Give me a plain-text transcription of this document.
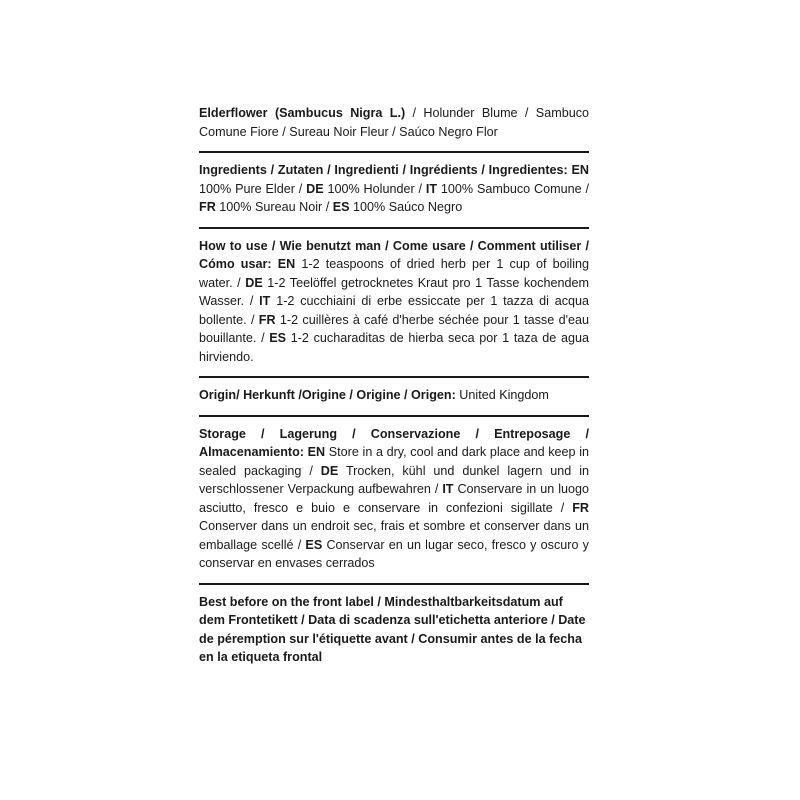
Elderflower (Sambucus Nigra L.) / Holunder Blume / Sambuco Comune Fiore / Sureau Noir Fleur / Saúco Negro Flor
Ingredients / Zutaten / Ingredienti / Ingrédients / Ingredientes: EN 100% Pure Elder / DE 100% Holunder / IT 100% Sambuco Comune / FR 100% Sureau Noir / ES 100% Saúco Negro
How to use / Wie benutzt man / Come usare / Comment utiliser / Cómo usar: EN 1-2 teaspoons of dried herb per 1 cup of boiling water. / DE 1-2 Teelöffel getrocknetes Kraut pro 1 Tasse kochendem Wasser. / IT 1-2 cucchiaini di erbe essiccate per 1 tazza di acqua bollente. / FR 1-2 cuillères à café d'herbe séchée pour 1 tasse d'eau bouillante. / ES 1-2 cucharaditas de hierba seca por 1 taza de agua hirviendo.
Origin/ Herkunft /Origine / Origine / Origen: United Kingdom
Storage / Lagerung / Conservazione / Entreposage / Almacenamiento: EN Store in a dry, cool and dark place and keep in sealed packaging / DE Trocken, kühl und dunkel lagern und in verschlossener Verpackung aufbewahren / IT Conservare in un luogo asciutto, fresco e buio e conservare in confezioni sigillate / FR Conserver dans un endroit sec, frais et sombre et conserver dans un emballage scellé / ES Conservar en un lugar seco, fresco y oscuro y conservar en envases cerrados
Best before on the front label / Mindesthaltbarkeitsdatum auf dem Frontetikett / Data di scadenza sull'etichetta anteriore / Date de péremption sur l'étiquette avant / Consumir antes de la fecha en la etiqueta frontal
